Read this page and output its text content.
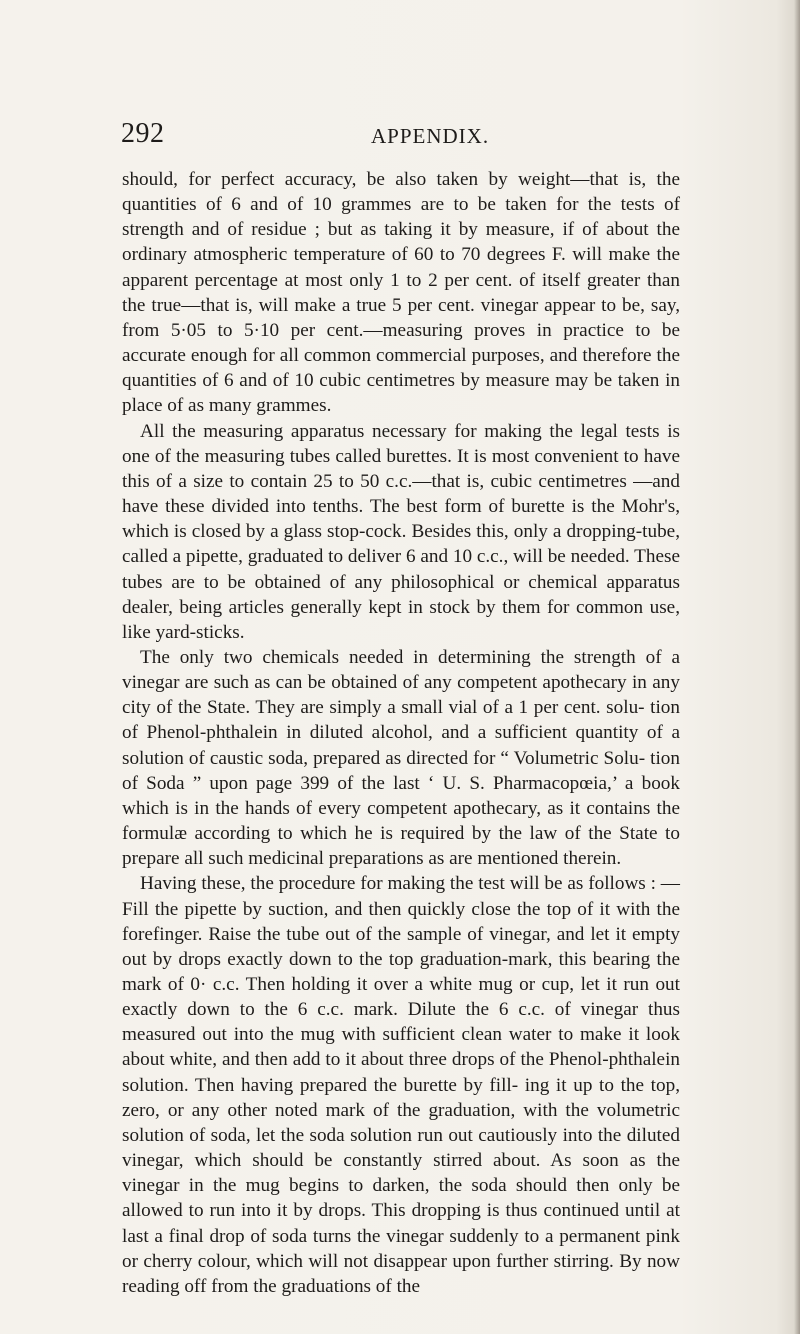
292	APPENDIX.

should, for perfect accuracy, be also taken by weight—that is, the quantities of 6 and of 10 grammes are to be taken for the tests of strength and of residue ; but as taking it by measure, if of about the ordinary atmospheric temperature of 60 to 70 degrees F. will make the apparent percentage at most only 1 to 2 per cent. of itself greater than the true—that is, will make a true 5 per cent. vinegar appear to be, say, from 5·05 to 5·10 per cent.—measuring proves in practice to be accurate enough for all common commercial purposes, and therefore the quantities of 6 and of 10 cubic centimetres by measure may be taken in place of as many grammes.

All the measuring apparatus necessary for making the legal tests is one of the measuring tubes called burettes. It is most convenient to have this of a size to contain 25 to 50 c.c.—that is, cubic centimetres —and have these divided into tenths. The best form of burette is the Mohr's, which is closed by a glass stop-cock. Besides this, only a dropping-tube, called a pipette, graduated to deliver 6 and 10 c.c., will be needed. These tubes are to be obtained of any philosophical or chemical apparatus dealer, being articles generally kept in stock by them for common use, like yard-sticks.

The only two chemicals needed in determining the strength of a vinegar are such as can be obtained of any competent apothecary in any city of the State. They are simply a small vial of a 1 per cent. solu- tion of Phenol-phthalein in diluted alcohol, and a sufficient quantity of a solution of caustic soda, prepared as directed for “ Volumetric Solu- tion of Soda ” upon page 399 of the last ‘ U. S. Pharmacopœia,’ a book which is in the hands of every competent apothecary, as it contains the formulæ according to which he is required by the law of the State to prepare all such medicinal preparations as are mentioned therein.

Having these, the procedure for making the test will be as follows : —Fill the pipette by suction, and then quickly close the top of it with the forefinger. Raise the tube out of the sample of vinegar, and let it empty out by drops exactly down to the top graduation-mark, this bearing the mark of 0· c.c. Then holding it over a white mug or cup, let it run out exactly down to the 6 c.c. mark. Dilute the 6 c.c. of vinegar thus measured out into the mug with sufficient clean water to make it look about white, and then add to it about three drops of the Phenol-phthalein solution. Then having prepared the burette by fill- ing it up to the top, zero, or any other noted mark of the graduation, with the volumetric solution of soda, let the soda solution run out cautiously into the diluted vinegar, which should be constantly stirred about. As soon as the vinegar in the mug begins to darken, the soda should then only be allowed to run into it by drops. This dropping is thus continued until at last a final drop of soda turns the vinegar suddenly to a permanent pink or cherry colour, which will not disappear upon further stirring. By now reading off from the graduations of the
